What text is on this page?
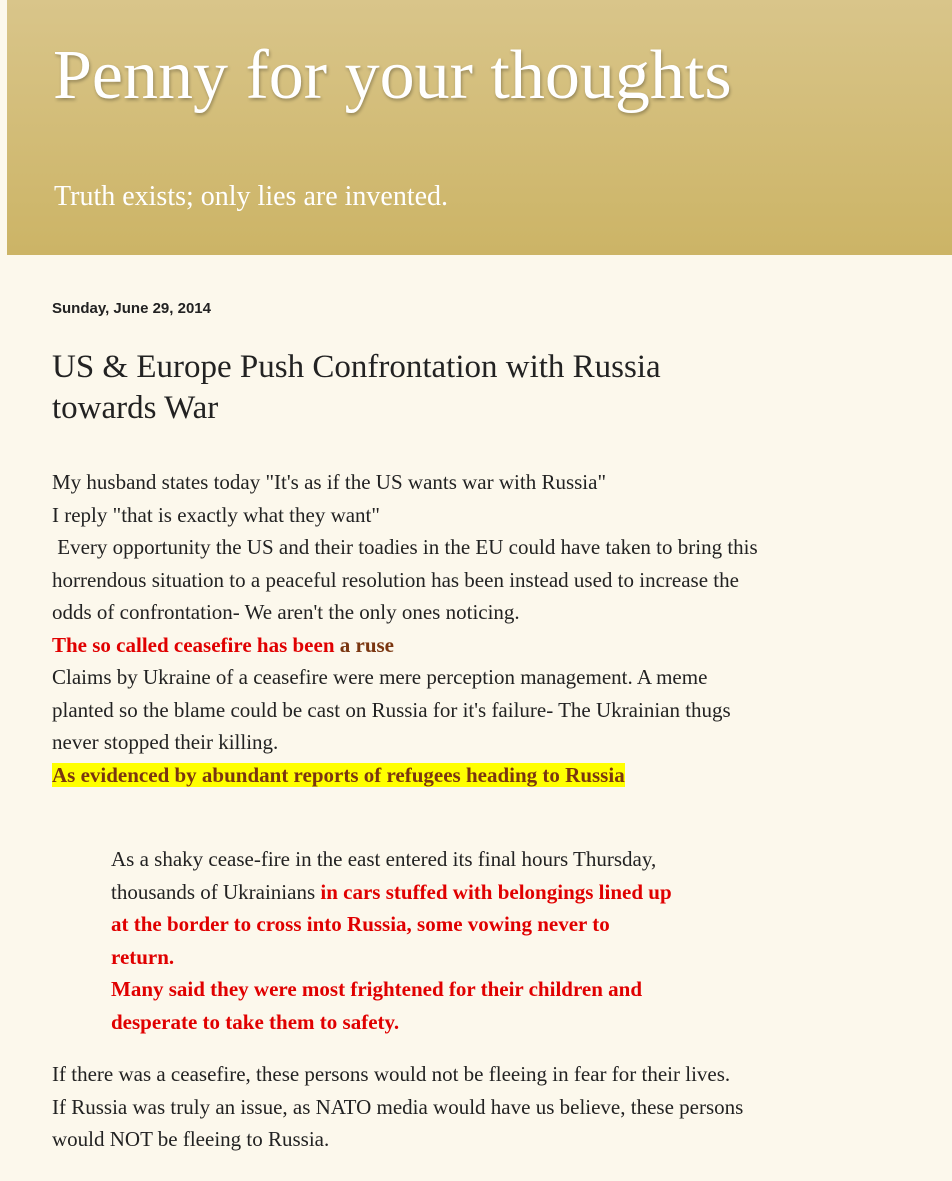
Penny for your thoughts

Truth exists; only lies are invented.

Sunday, June 29, 2014
US & Europe Push Confrontation with Russia
towards War
My husband states today "It's as if the US wants war with Russia"
I reply "that is exactly what they want"
Every opportunity the US and their toadies in the EU could have taken to bring this
horrendous situation to a peaceful resolution has been instead used to increase the
odds of confrontation- We aren't the only ones noticing.
The so called ceasefire has been a ruse
Claims by Ukraine of a ceasefire were mere perception management. A meme
planted so the blame could be cast on Russia for it's failure- The Ukrainian thugs
never stopped their killing.
As evidenced by abundant reports of refugees heading to Russia
As a shaky cease-fire in the east entered its final hours Thursday,
thousands of Ukrainians in cars stuffed with belongings lined up
at the border to cross into Russia, some vowing never to
return.
Many said they were most frightened for their children and
desperate to take them to safety.
If there was a ceasefire, these persons would not be fleeing in fear for their lives.
If Russia was truly an issue, as NATO media would have us believe, these persons
would NOT be fleeing to Russia.
